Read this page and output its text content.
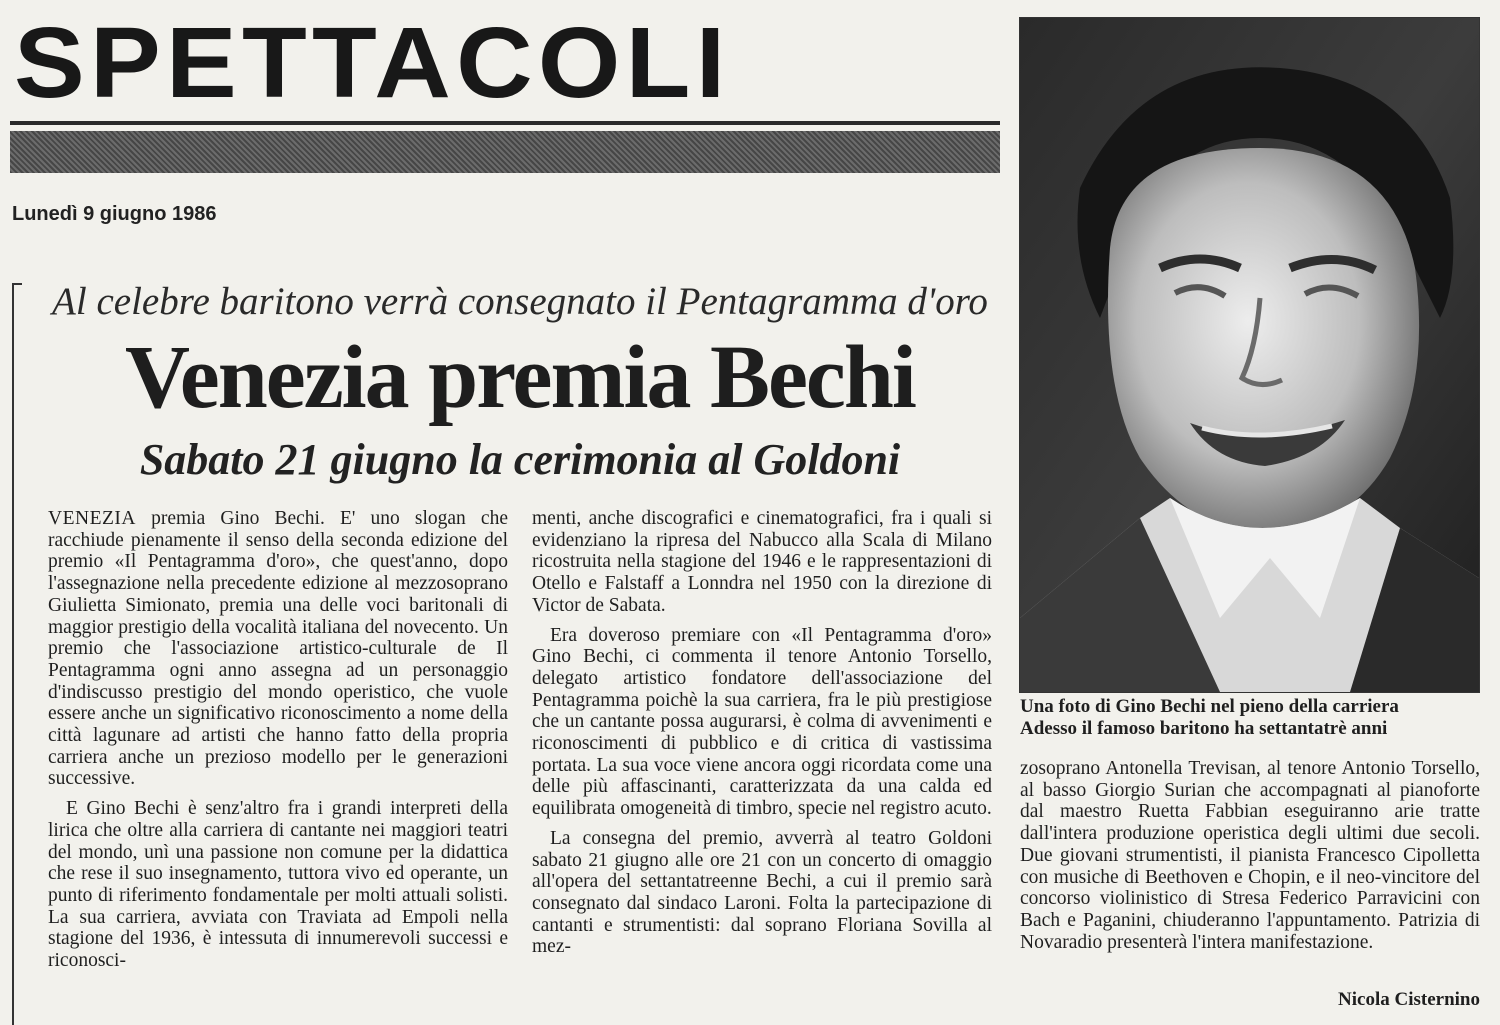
SPETTACOLI
Lunedì 9 giugno 1986
Al celebre baritono verrà consegnato il Pentagramma d'oro
Venezia premia Bechi
Sabato 21 giugno la cerimonia al Goldoni

VENEZIA premia Gino Bechi. E' uno slogan che racchiude pienamente il senso della seconda edizione del premio «Il Pentagramma d'oro», che quest'anno, dopo l'assegnazione nella precedente edizione al mezzosoprano Giulietta Simionato, premia una delle voci baritonali di maggior prestigio della vocalità italiana del novecento. Un premio che l'associazione artistico-culturale de Il Pentagramma ogni anno assegna ad un personaggio d'indiscusso prestigio del mondo operistico, che vuole essere anche un significativo riconoscimento a nome della città lagunare ad artisti che hanno fatto della propria carriera anche un prezioso modello per le generazioni successive.

E Gino Bechi è senz'altro fra i grandi interpreti della lirica che oltre alla carriera di cantante nei maggiori teatri del mondo, unì una passione non comune per la didattica che rese il suo insegnamento, tuttora vivo ed operante, un punto di riferimento fondamentale per molti attuali solisti. La sua carriera, avviata con Traviata ad Empoli nella stagione del 1936, è intessuta di innumerevoli successi e riconosci-

menti, anche discografici e cinematografici, fra i quali si evidenziano la ripresa del Nabucco alla Scala di Milano ricostruita nella stagione del 1946 e le rappresentazioni di Otello e Falstaff a Lonndra nel 1950 con la direzione di Victor de Sabata.

Era doveroso premiare con «Il Pentagramma d'oro» Gino Bechi, ci commenta il tenore Antonio Torsello, delegato artistico fondatore dell'associazione del Pentagramma poichè la sua carriera, fra le più prestigiose che un cantante possa augurarsi, è colma di avvenimenti e riconoscimenti di pubblico e di critica di vastissima portata. La sua voce viene ancora oggi ricordata come una delle più affascinanti, caratterizzata da una calda ed equilibrata omogeneità di timbro, specie nel registro acuto.

La consegna del premio, avverrà al teatro Goldoni sabato 21 giugno alle ore 21 con un concerto di omaggio all'opera del settantatreenne Bechi, a cui il premio sarà consegnato dal sindaco Laroni. Folta la partecipazione di cantanti e strumentisti: dal soprano Floriana Sovilla al mez-

Una foto di Gino Bechi nel pieno della carriera
Adesso il famoso baritono ha settantatrè anni

zosoprano Antonella Trevisan, al tenore Antonio Torsello, al basso Giorgio Surian che accompagnati al pianoforte dal maestro Ruetta Fabbian eseguiranno arie tratte dall'intera produzione operistica degli ultimi due secoli. Due giovani strumentisti, il pianista Francesco Cipolletta con musiche di Beethoven e Chopin, e il neo-vincitore del concorso violinistico di Stresa Federico Parravicini con Bach e Paganini, chiuderanno l'appuntamento. Patrizia di Novaradio presenterà l'intera manifestazione.

Nicola Cisternino
